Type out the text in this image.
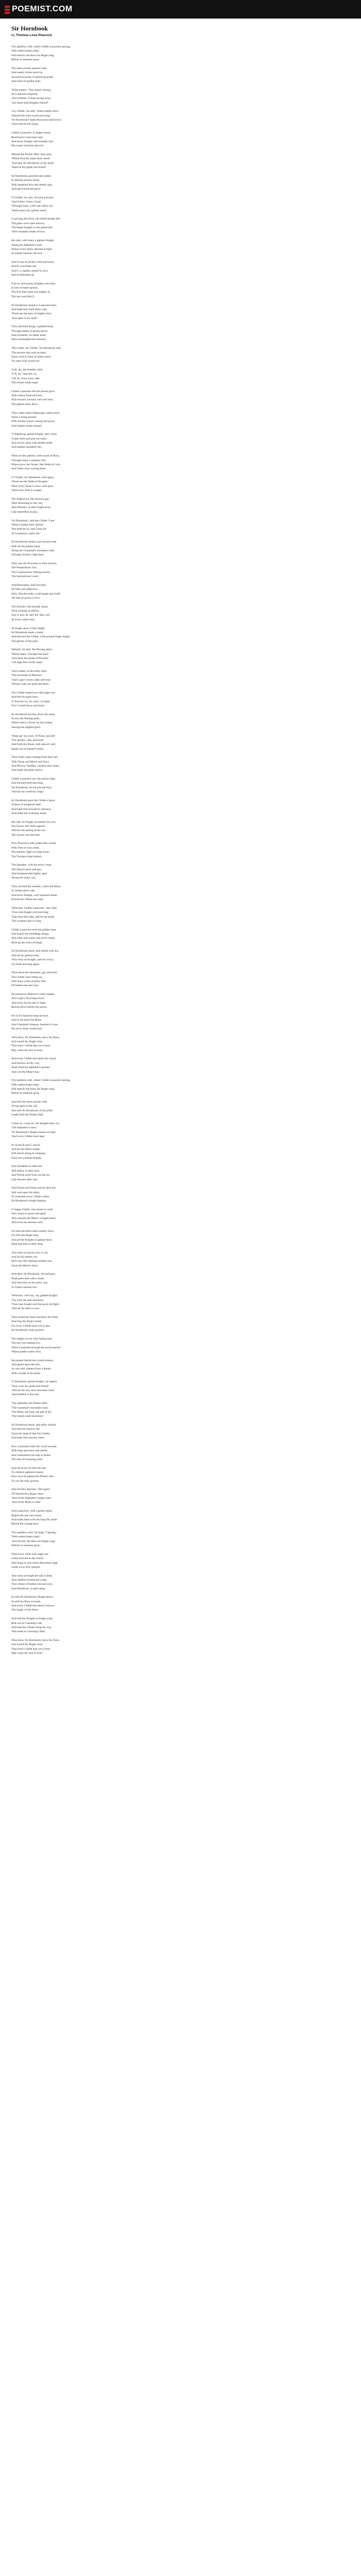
POEMIST.COM
Sir Hornbook
by Thomas Love Peacock
O'er pathless wild, where Childe Launcelot sprung,
With ardent hopes elate,
Full merrily the Horn his Bugle rung,
Before to measure great.
The inner portals opened wide,
And stately forms stood by,
Arrayed in pomp, in glittering pride,
And arms of golden mail.
'What means,' 'This stately throng,'
Sir Launcelot inquired,
'And whither, in their strong array,'
'Are these bold Knights retired?'
'Go, Childe,' he said, 'where bugles blow,'
'Stand forth with sword and song;'
'Sir Hornbook's fame thou soon shalt know,'
'And soon be led along.'
Childe Launcelot, in happy mood,
Resolved to tread that road,
And every Knight with friendly nod
His ready welcome showed.
'Behold the Primer Hall,' they said,
'Where first thy steps must wend;'
'And here Sir Hornbook, at thy head,'
'Shall be thy guide and friend.'
Sir Hornbook, graceful and sedate,
In shining armour stood,
With speaking face and stately gait,
And spirit kind and good.
'O Childe,' he said, 'be bold and true,'
'And follow where I lead;'
'Through many a hill and valley too,'
'Shall prance thy gallant steed.'
Loud rang the Horn, the shield-knight fell,
The gates were open thrown,
The bright knights in the portal hall
Their trumpets loudly blown.
He rode, with many a gallant Knight,
Along the Alphabet's road,
Where every letter, dressed in light,
Its stately honours showed.
And A was an archer, bold and brave,
And B a bowman tall,
And C a captain, armed to save,
And D defended all.
Full six and twenty Knights were they,
In line of battle spread,
The first that came was mighty A,
The last was little Z.
Sir Hornbook turned to Launcelot then,
And bade him mark them well,
'These are the keys of mighty men,'
'And open every spell.'
They marched along, a gallant band,
Through plains of grassy green,
And Syllables, on either hand,
Were marshalled fair between.
'Now mark, Sir Childe,' Sir Hornbook said,
'The powers that wait on thee;'
'Each word is from its letters bred,'
'As oaks from acorns be.'
'A-B, ab,' the heralds cried,
'E-B, eb,' rang the cry,
'I-B, ib,' from every side
The echoes made reply.
Childe Launcelot felt his bosom glow
With ardour fresh and new,
And onward, onward, sure and slow,
The gallant army drew.
They came where Dipthong's castle stood
Upon a rising ground,
With double towers, strong and good,
And double moats around.
'O Dipthong, gentle Knight,' they cried,
'Come forth and join our train;'
And out he came with double pride,
And double-mounted rein.
Then on they passed, with sound of Horn,
Through many a meadow fair,
Where grew the Nouns, like fields of corn,
And Verbs were waving there.
'O Childe,' Sir Hornbook cried again,
'These are the fields of thought;'
'Here every Noun is sown with pain,'
'And every Verb is sought.'
The Adjectives, like flowers gay,
Were blooming by the way,
And Adverbs, in their bright array,
Like butterflies at play.
'Sir Hornbook,' said the Childe, 'I see'
'What wonders here unfold;'
'But lead me on, that I may be'
'In Grammar's castle old.'
Sir Hornbook smiled, and onward rode
With all his gallant band,
Along the Grammar's mountain road,
Through Syntax's high land.
They saw the Pronouns in their bowers,
The Prepositions' fort,
The Conjunctions' linking towers,
The Interjections' court.
And Participles, half and half,
Of Verb and Adjective,
Who, like the mule, could laugh and chaff,
Yet had no power to live.
The Articles, like heralds small,
Went running on before,
And 'a' and 'an' and 'the' they call
At every castle door.
At length upon a lofty height
Sir Hornbook made a stand,
And showed the Childe, with pointed finger bright,
The glories of the land.
'Behold,' he said, 'the Parsing plain,'
'Where many a Knight has bled;'
'And there the peaks of Prosody,'
'Lift high their lordly head.'
'And yonder, in the misty blue,'
'The mountain of Rhetoric,'
'And Logic's tower, dark and true,'
'Whose walls are grim and thick.'
The Childe looked out with eager eye,
And felt his spirit burn,
'O lead me on,' he cried, 'on high,'
'For I would know and learn.'
Sir Hornbook led him down the steep,
Across the Parsing plain,
Where many a Noun lay fast asleep
Among the tangled grain.
'Wake up!' he cried, 'O Noun, and tell'
'Thy gender, case, and kind;'
And forth the Noun, with answer well,
Spoke out its master's mind.
Then Verbs came rushing from their lair,
With Tense and Mood and Voice,
And Person, Number, claimed their share,
And made the plain rejoice.
Childe Launcelot saw the ardour high,
And shouted loud and long,
'Sir Hornbook, let me join the fray,'
'And let me wield my song!'
Sir Hornbook gave the Childe a lance,
A lance of tempered steel,
And bade him forward to advance,
And make the Grammar kneel.
He rode, he fought, he parsed, he won,
The Nouns and Verbs agreed,
And ere the setting of the sun
The Syntax was decreed.
Now Prosody's lofty peaks they clomb,
With Feet of every kind,
The Iambus, light as rising foam,
The Trochee close behind.
The Spondee, with his heavy tread,
The Dactyl quick and gay,
And Anapaest that lightly sped
Along the rocky way.
They reached the summit, where the Muse
In radiant glory sate,
And every Knight, with loosened shoes,
Bowed low before her state.
'Welcome, Childe Launcelot,' she cried,
'Thou hast fought well and long;'
'Take thou this harp, and be thy pride'
'The sweetest gift of song.'
Childe Launcelot took the golden harp,
And struck the trembling strings,
And clear and sweet, and never sharp,
Rose up the notes of kings.
Sir Hornbook heard, and smiled with joy,
And all his gallant train,
'Now thou art Knight, and not a boy,'
'Go forth and sing again.'
Then down the mountain, gay and bold,
The Childe went riding on,
And many a tale of glory told
Of battles lost and won.
He passed by Rhetoric's misty height,
And Logic's frowning tower,
And every foe he met in fight
Bowed down before his power.
For in his hand the harp he bore,
And in his heart the Muse,
And Grammar's lessons, learned of yore,
He never more would lose.
Then blow, Sir Hornbook, blow thy Horn,
And sound thy Bugle clear,
That every Childe that yet is born
May come thy lore to hear!
And every Childe that hears the sound,
And follows on thy way,
Shall tread the Alphabet's ground
And win the Muse's bay.
O'er pathless wild, where Childe Launcelot sprung,
With ardent hopes elate,
Still merrily the Horn his Bugle rung,
Before to measure great.
And still the inner portals wide
Swing open at the call,
And still Sir Hornbook, in his pride,
Leads forth the Primer Hall.
'Come on, come on,' the Knights they cry,
'The Alphabet is near;'
'Sir Hornbook's Bugle sounds on high,'
'And every Childe must hear.'
So A and B and C and D,
And all the letters bright,
Still march along in company,
Each one a gallant Knight.
And Syllables in order fair
Still follow in their train,
And Words arise from out the air,
Like flowers after rain.
And Nouns and Verbs and all their kin
Still wait upon the plain,
To welcome every Childe within
Sir Hornbook's bright domain.
O happy Childe, who learns to read,
Who learns to parse and spell,
Who mounts the Muse's winged steed,
And loves his lessons well!
For him the Horn shall sweetly blow,
For him the Bugle ring,
And all the Knights in gallant show
Shall hail him as their king.
And when at last his race is run,
And all his battles o'er,
He'll rest, like sinking summer sun,
Upon the Muse's shore.
And there Sir Hornbook, old and grey,
Shall greet him with a smile,
And lead him on the starry way
To Fame's eternal isle.
'Welcome,' he'll say, 'my gallant Knight,'
'Thy toils are past and done;'
'Thou hast fought well the good old fight,'
'And all the field is won.'
Then sound the Horn and blow the blast,
And ring the Bugle round,
For every Childe shall win at last
Sir Hornbook's holy ground.
The shades of eve were falling fast,
The sun was sinking low,
When Launcelot through the portal passed
Where gentle waters flow.
He paused beside the crystal stream,
And gazed upon the tide,
As one who wakens from a dream
With wonder in his pride.
'O Hornbook, gentle Knight,' he sighed,
'Thou wert my guide and friend;'
'And all the way thou hast been tried,'
'And faithful to the end.'
'The Alphabet, the Primer Hall,'
'The Grammar's mountain road,'
'The Muse, the harp, the gift of all,'
'Thy bounty hath bestowed.'
Sir Hornbook heard, and softly smiled,
And laid his hand in rest
Upon the head of that fair Childe,
And bade him onward, blest.
Now Launcelot rides the world around,
With harp and lance and shield,
And wheresoe'er his step is found
The foes of Learning yield.
And oft at eve he tells the tale
To children gathered round,
How once he passed the Primer vale
To win the holy ground.
And oft they beg him, 'Tell again'
'Of Hornbook's Bugle clear,'
'And of the Alphabet's bright train,'
'And of the Muse so dear.'
And Launcelot, with a gentle smile,
Begins the tale once more,
And holds them with his harp the while
Beside the cottage door.
'O'er pathless wild,' he sings, 'I sprung,'
'With ardent hopes elate,'
'And merrily the Horn his Bugle rung,'
'Before to measure great.'
Then every child with eager eye
Leans forward at the sound,
And longs to ride where Hornbook high
Leads on to holy ground.
And when at length the tale is done,
And children homeward creep,
They dream of battles lost and won,
And Hornbook, in their sleep.
So still Sir Hornbook's Bugle blows,
So still his Horn is heard,
And every Childe that hears it knows
The magic of the Word.
And still the Knights in bright array
Ride out at Learning's call,
And lead the Childe along the way
That leads to Learning's Hall.
Then blow, Sir Hornbook, blow thy Horn,
And sound thy Bugle clear,
That every Childe that yet is born
May come thy lore to hear!
